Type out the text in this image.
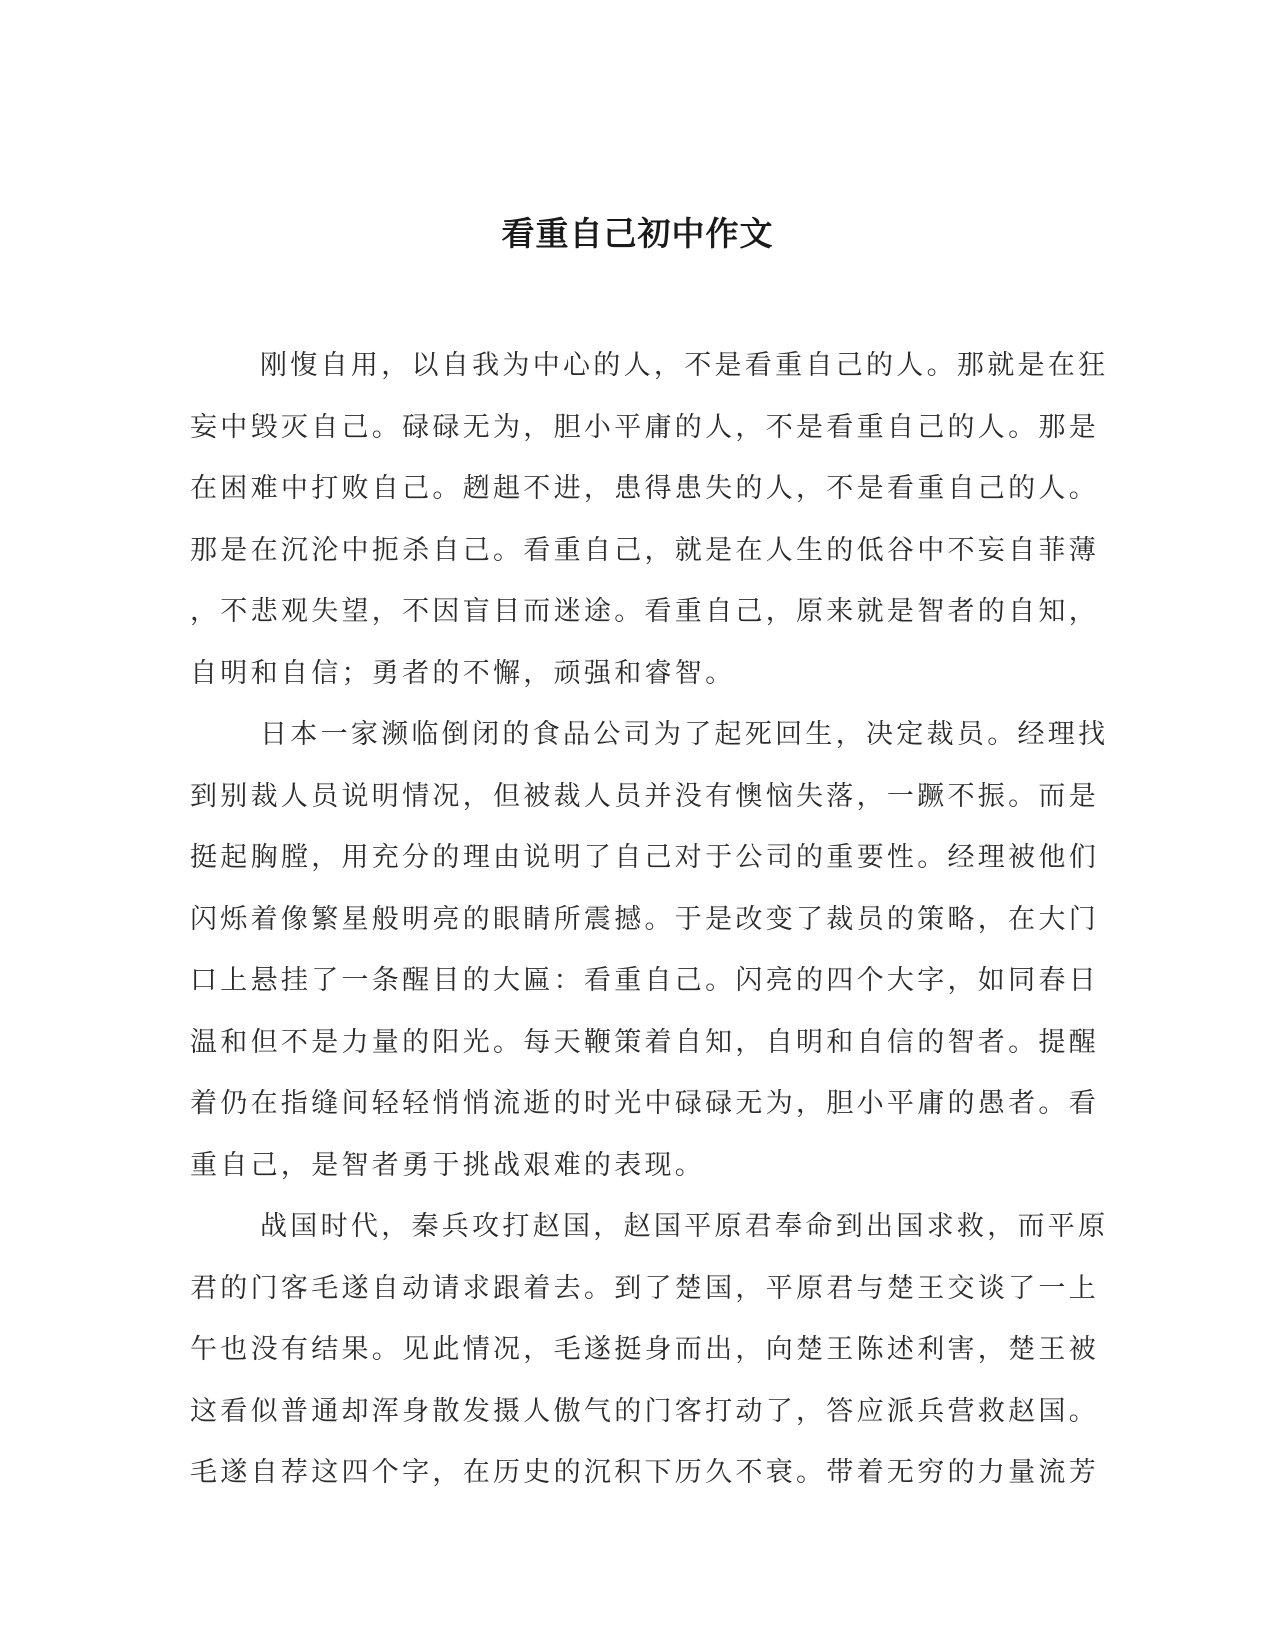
看重自己初中作文
刚愎自用，以自我为中心的人，不是看重自己的人。那就是在狂
妄中毁灭自己。碌碌无为，胆小平庸的人，不是看重自己的人。那是
在困难中打败自己。趔趄不进，患得患失的人，不是看重自己的人。
那是在沉沦中扼杀自己。看重自己，就是在人生的低谷中不妄自菲薄
，不悲观失望，不因盲目而迷途。看重自己，原来就是智者的自知，
自明和自信；勇者的不懈，顽强和睿智。
日本一家濒临倒闭的食品公司为了起死回生，决定裁员。经理找
到别裁人员说明情况，但被裁人员并没有懊恼失落，一蹶不振。而是
挺起胸膛，用充分的理由说明了自己对于公司的重要性。经理被他们
闪烁着像繁星般明亮的眼睛所震撼。于是改变了裁员的策略，在大门
口上悬挂了一条醒目的大匾：看重自己。闪亮的四个大字，如同春日
温和但不是力量的阳光。每天鞭策着自知，自明和自信的智者。提醒
着仍在指缝间轻轻悄悄流逝的时光中碌碌无为，胆小平庸的愚者。看
重自己，是智者勇于挑战艰难的表现。
战国时代，秦兵攻打赵国，赵国平原君奉命到出国求救，而平原
君的门客毛遂自动请求跟着去。到了楚国，平原君与楚王交谈了一上
午也没有结果。见此情况，毛遂挺身而出，向楚王陈述利害，楚王被
这看似普通却浑身散发摄人傲气的门客打动了，答应派兵营救赵国。
毛遂自荐这四个字，在历史的沉积下历久不衰。带着无穷的力量流芳
